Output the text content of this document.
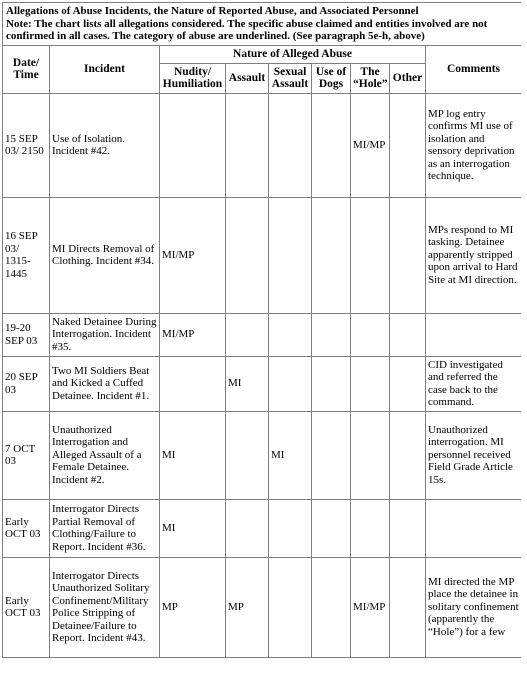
Allegations of Abuse Incidents, the Nature of Reported Abuse, and Associated Personnel
Note: The chart lists all allegations considered. The specific abuse claimed and entities involved are not confirmed in all cases. The category of abuse are underlined. (See paragraph 5e-h, above)								

Date/ Time	Incident	Nature of Alleged Abuse						Comments
		Nudity/ Humiliation	Assault	Sexual Assault	Use of Dogs	The “Hole”	Other	
15 SEP 03/ 2150	Use of Isolation. Incident #42.					MI/MP		MP log entry confirms MI use of isolation and sensory deprivation as an interrogation technique.
16 SEP 03/ 1315-1445	MI Directs Removal of Clothing. Incident #34.	MI/MP						MPs respond to MI tasking. Detainee apparently stripped upon arrival to Hard Site at MI direction.
19-20 SEP 03	Naked Detainee During Interrogation. Incident #35.	MI/MP						
20 SEP 03	Two MI Soldiers Beat and Kicked a Cuffed Detainee. Incident #1.		MI					CID investigated and referred the case back to the command.
7 OCT 03	Unauthorized Interrogation and Alleged Assault of a Female Detainee. Incident #2.	MI		MI				Unauthorized interrogation. MI personnel received Field Grade Article 15s.
Early OCT 03	Interrogator Directs Partial Removal of Clothing/Failure to Report. Incident #36.	MI						
Early OCT 03	Interrogator Directs Unauthorized Solitary Confinement/Military Police Stripping of Detainee/Failure to Report. Incident #43.	MP	MP			MI/MP		MI directed the MP place the detainee in solitary confinement (apparently the “Hole”) for a few
